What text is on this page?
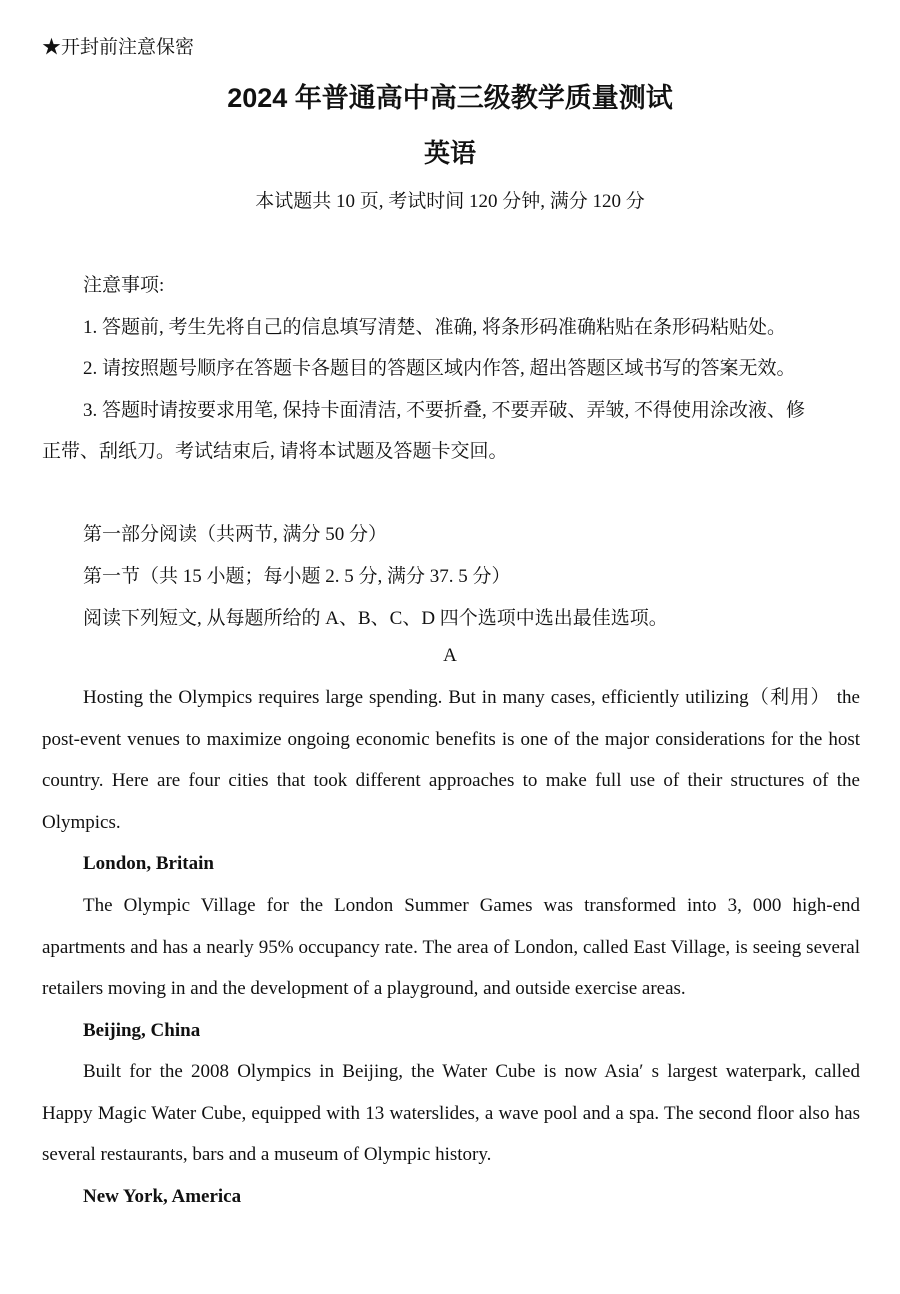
★开封前注意保密
2024 年普通高中高三级教学质量测试
英语
本试题共 10 页, 考试时间 120 分钟, 满分 120 分
注意事项:
1. 答题前, 考生先将自己的信息填写清楚、准确, 将条形码准确粘贴在条形码粘贴处。
2. 请按照题号顺序在答题卡各题目的答题区域内作答, 超出答题区域书写的答案无效。
3. 答题时请按要求用笔, 保持卡面清洁, 不要折叠, 不要弄破、弄皱, 不得使用涂改液、修
正带、刮纸刀。考试结束后, 请将本试题及答题卡交回。
第一部分阅读（共两节, 满分 50 分）
第一节（共 15 小题；每小题 2. 5 分, 满分 37. 5 分）
阅读下列短文, 从每题所给的 A、B、C、D 四个选项中选出最佳选项。
A
Hosting the Olympics requires large spending. But in many cases, efficiently utilizing（利用） the post-event venues to maximize ongoing economic benefits is one of the major considerations for the host country. Here are four cities that took different approaches to make full use of their structures of the Olympics.
London, Britain
The Olympic Village for the London Summer Games was transformed into 3, 000 high-end apartments and has a nearly 95% occupancy rate. The area of London, called East Village, is seeing several retailers moving in and the development of a playground, and outside exercise areas.
Beijing, China
Built for the 2008 Olympics in Beijing, the Water Cube is now Asia′ s largest waterpark, called Happy Magic Water Cube, equipped with 13 waterslides, a wave pool and a spa. The second floor also has several restaurants, bars and a museum of Olympic history.
New York, America
